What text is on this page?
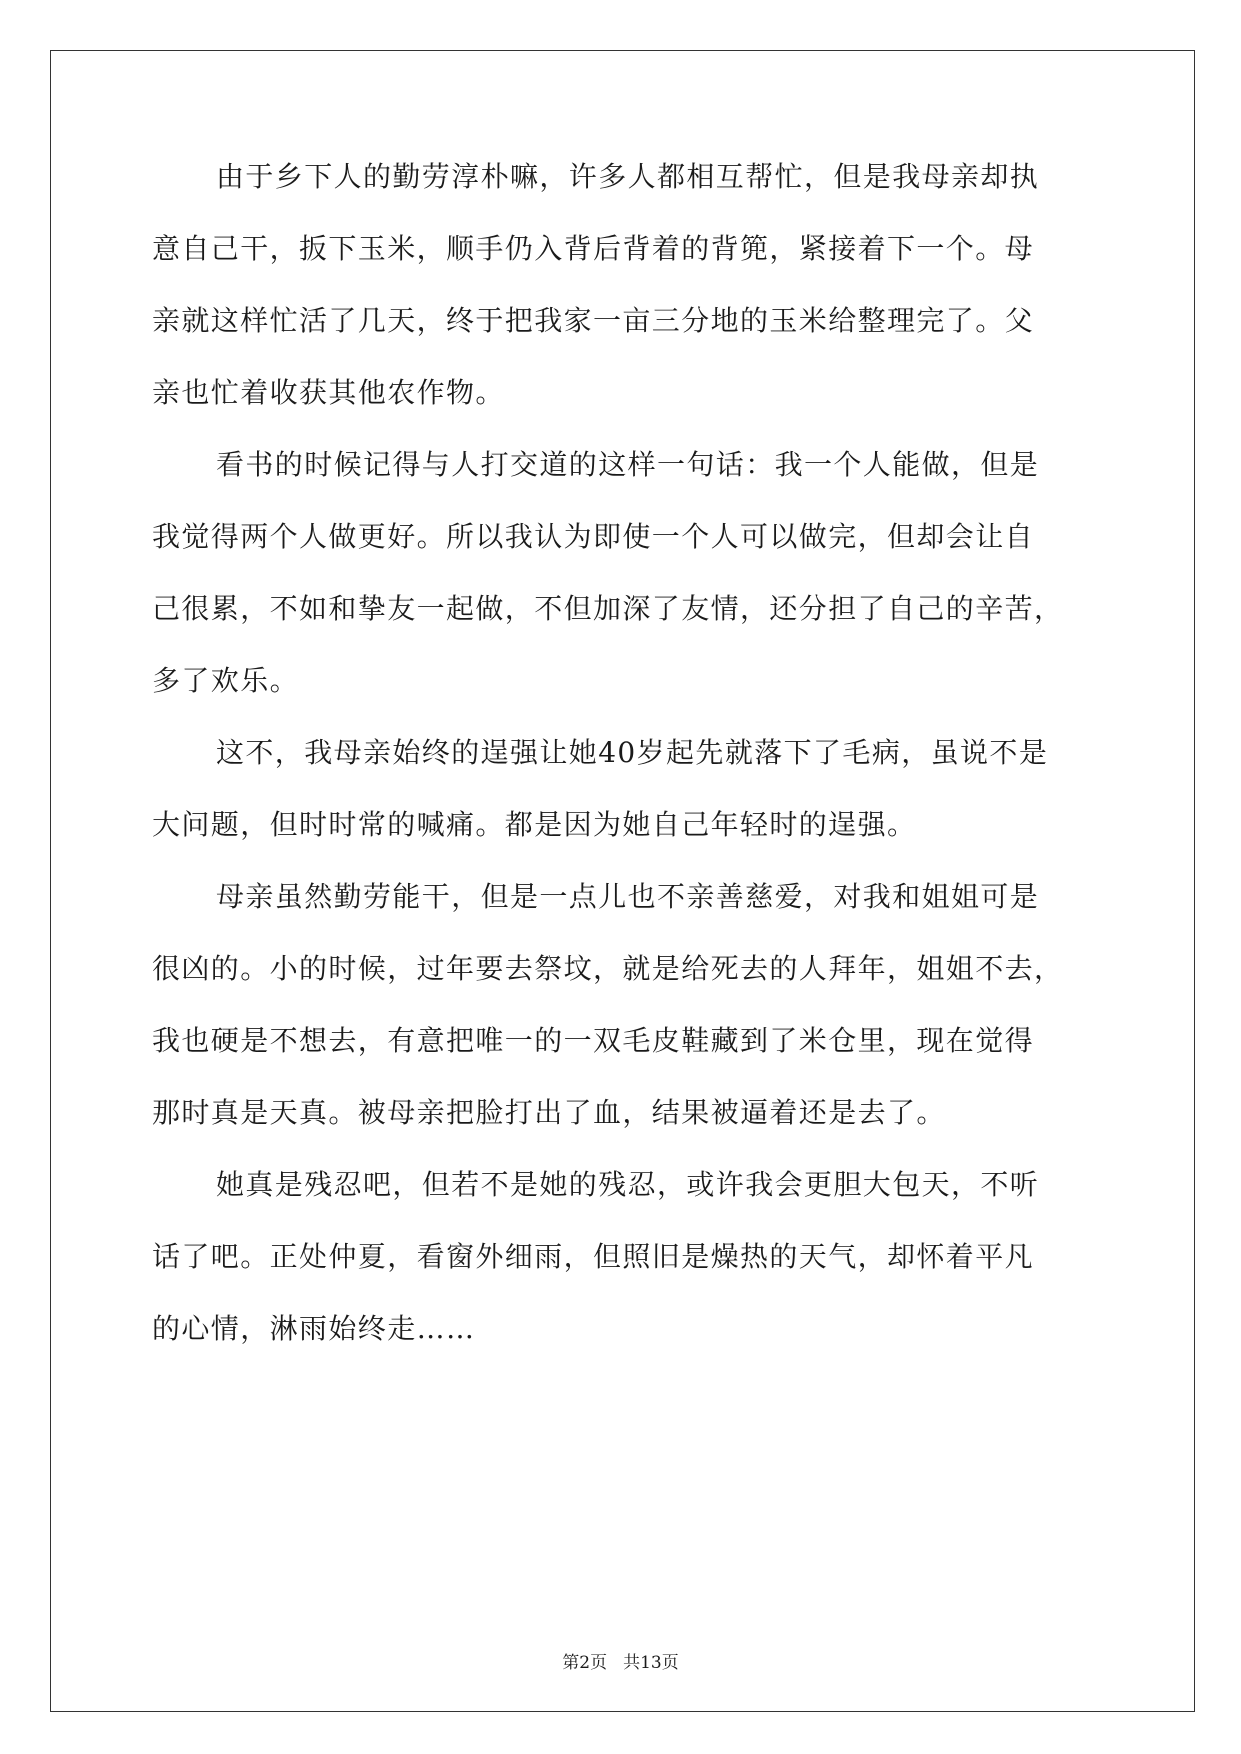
由于乡下人的勤劳淳朴嘛，许多人都相互帮忙，但是我母亲却执
意自己干，扳下玉米，顺手仍入背后背着的背篼，紧接着下一个。母
亲就这样忙活了几天，终于把我家一亩三分地的玉米给整理完了。父
亲也忙着收获其他农作物。
看书的时候记得与人打交道的这样一句话：我一个人能做，但是
我觉得两个人做更好。所以我认为即使一个人可以做完，但却会让自
己很累，不如和挚友一起做，不但加深了友情，还分担了自己的辛苦，
多了欢乐。
这不，我母亲始终的逞强让她40岁起先就落下了毛病，虽说不是
大问题，但时时常的喊痛。都是因为她自己年轻时的逞强。
母亲虽然勤劳能干，但是一点儿也不亲善慈爱，对我和姐姐可是
很凶的。小的时候，过年要去祭坟，就是给死去的人拜年，姐姐不去，
我也硬是不想去，有意把唯一的一双毛皮鞋藏到了米仓里，现在觉得
那时真是天真。被母亲把脸打出了血，结果被逼着还是去了。
她真是残忍吧，但若不是她的残忍，或许我会更胆大包天，不听
话了吧。正处仲夏，看窗外细雨，但照旧是燥热的天气，却怀着平凡
的心情，淋雨始终走……
第2页 共13页
